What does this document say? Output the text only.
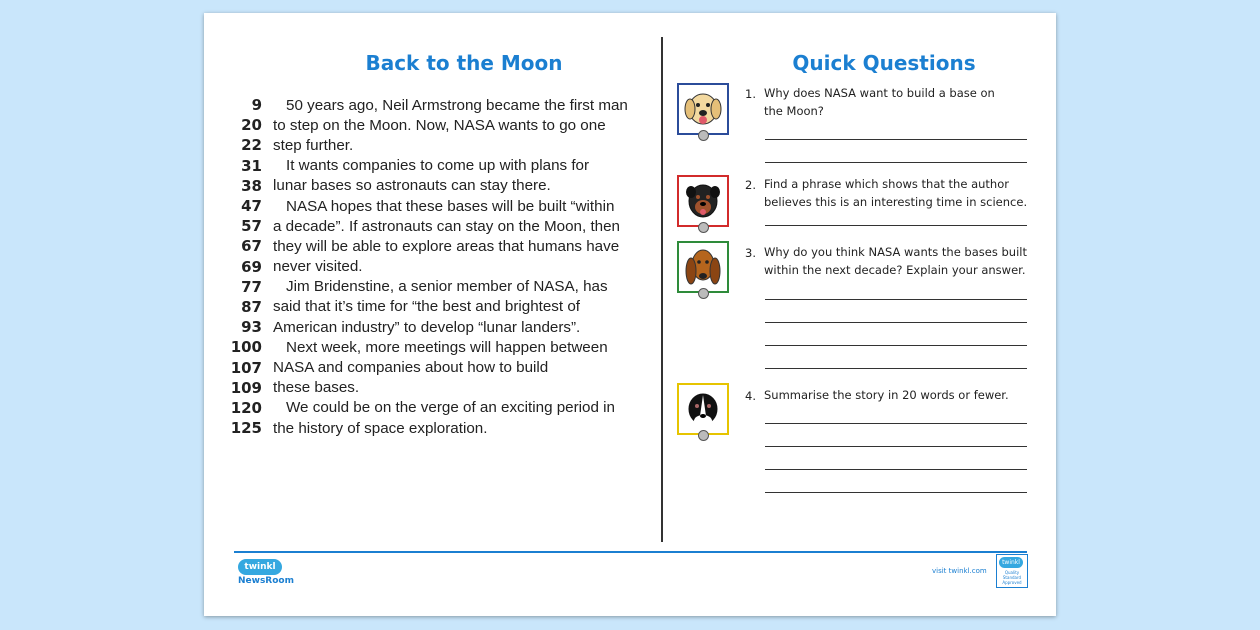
Back to the Moon	Quick Questions
9	50 years ago, Neil Armstrong became the first man
20 to step on the Moon. Now, NASA wants to go one
22 step further.
31	It wants companies to come up with plans for
38 lunar bases so astronauts can stay there.
47	NASA hopes that these bases will be built “within
57 a decade”. If astronauts can stay on the Moon, then
67 they will be able to explore areas that humans have
69 never visited.
77	Jim Bridenstine, a senior member of NASA, has
87 said that it’s time for “the best and brightest of
93 American industry” to develop “lunar landers”.
100	Next week, more meetings will happen between
107 NASA and companies about how to build
109 these bases.
120	We could be on the verge of an exciting period in
125 the history of space exploration.
1. Why does NASA want to build a base on the Moon?
2. Find a phrase which shows that the author believes this is an interesting time in science.
3. Why do you think NASA wants the bases built within the next decade? Explain your answer.
4. Summarise the story in 20 words or fewer.
twinkl
NewsRoom
visit twinkl.com
twinkl
Quality Standard Approved
